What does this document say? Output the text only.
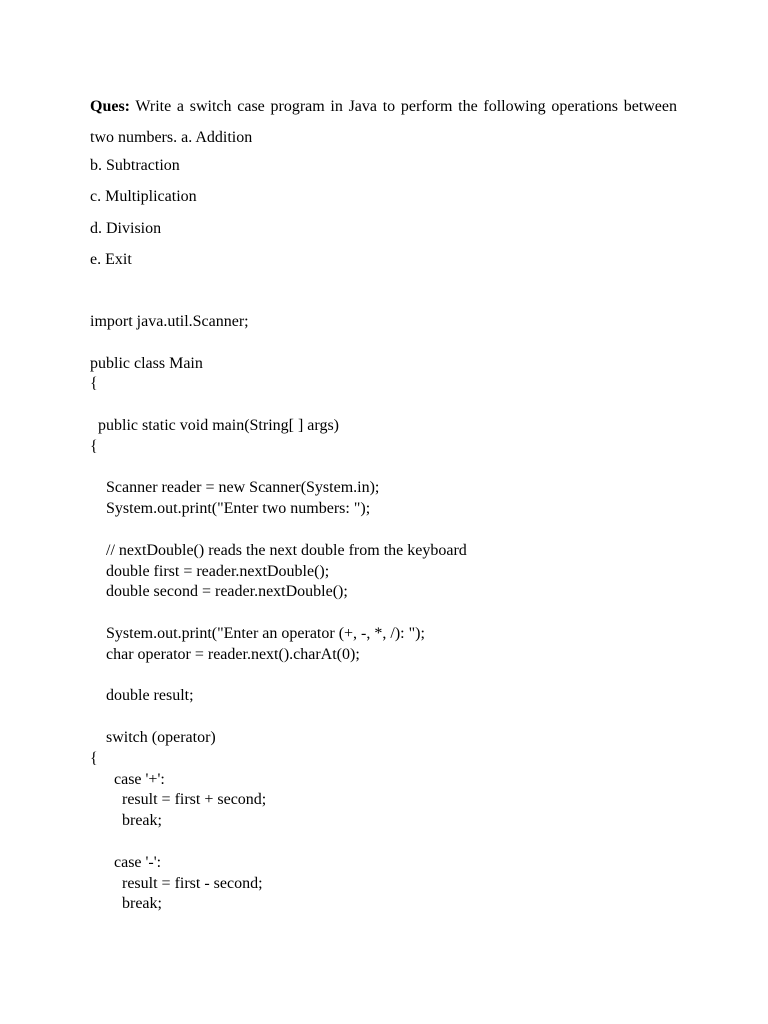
Ques: Write a switch case program in Java to perform the following operations between two numbers. a. Addition

b. Subtraction

c. Multiplication

d. Division

e. Exit

import java.util.Scanner;
public class Main
{
public static void main(String[ ] args)
{
Scanner reader = new Scanner(System.in);
System.out.print("Enter two numbers: ");
// nextDouble() reads the next double from the keyboard
double first = reader.nextDouble();
double second = reader.nextDouble();
System.out.print("Enter an operator (+, -, *, /): ");
char operator = reader.next().charAt(0);
double result;
switch (operator)
{
case '+':
result = first + second;
break;
case '-':
result = first - second;
break;
